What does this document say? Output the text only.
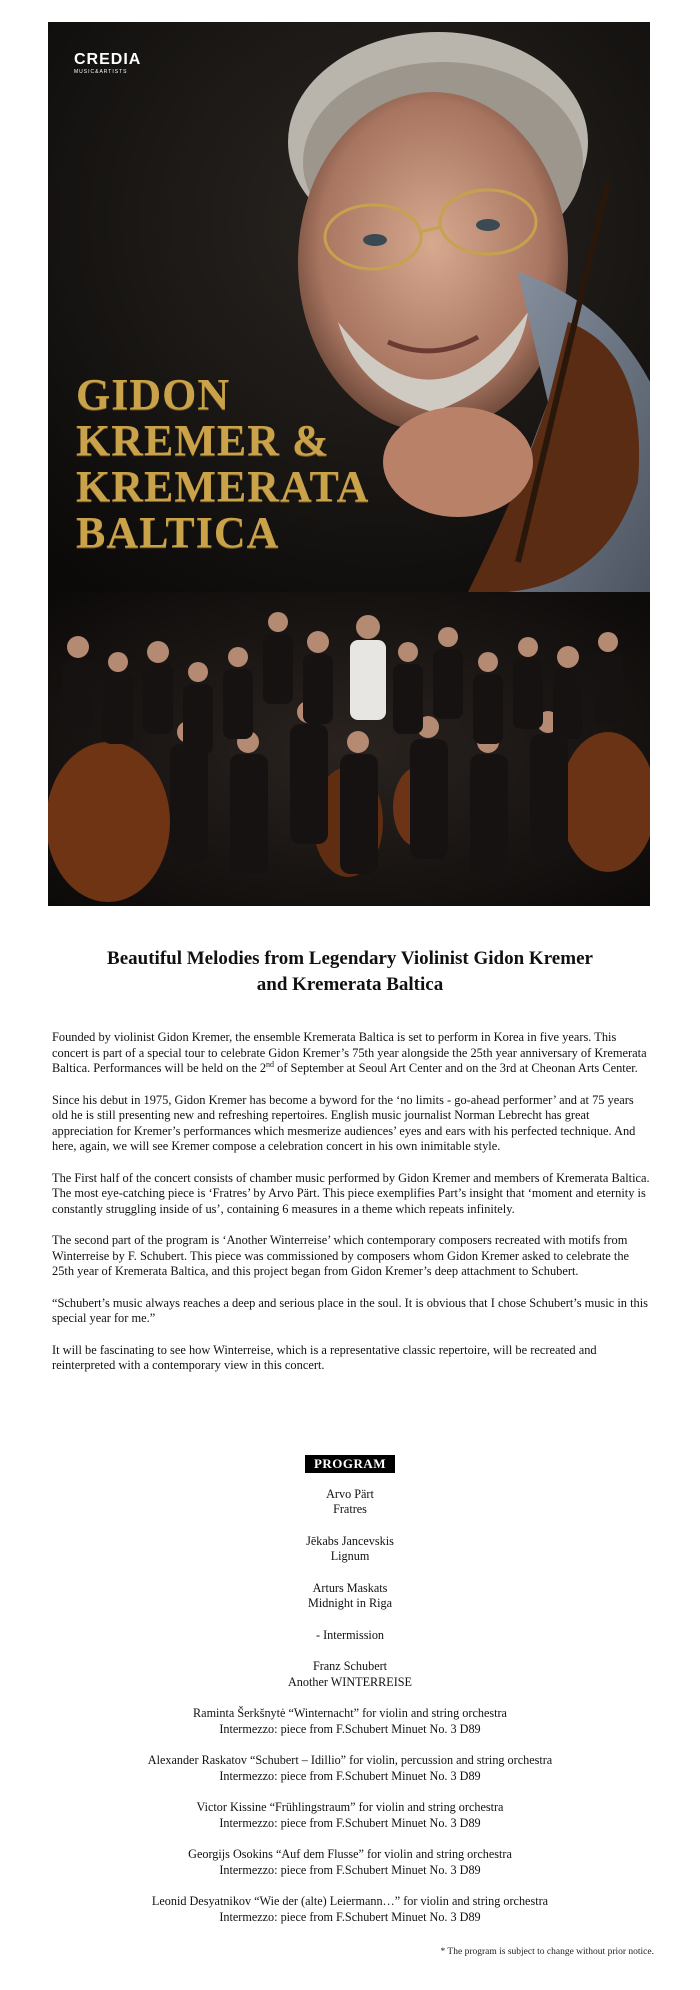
CREDIA
MUSIC&ARTISTS
GIDON
KREMER &
KREMERATA
BALTICA
Beautiful Melodies from Legendary Violinist Gidon Kremer
and Kremerata Baltica

Founded by violinist Gidon Kremer, the ensemble Kremerata Baltica is set to perform in Korea in five years. This concert is part of a special tour to celebrate Gidon Kremer’s 75th year alongside the 25th year anniversary of Kremerata Baltica. Performances will be held on the 2nd of September at Seoul Art Center and on the 3rd at Cheonan Arts Center.

Since his debut in 1975, Gidon Kremer has become a byword for the ‘no limits - go-ahead performer’ and at 75 years old he is still presenting new and refreshing repertoires. English music journalist Norman Lebrecht has great appreciation for Kremer’s performances which mesmerize audiences’ eyes and ears with his perfected technique. And here, again, we will see Kremer compose a celebration concert in his own inimitable style.

The First half of the concert consists of chamber music performed by Gidon Kremer and members of Kremerata Baltica. The most eye-catching piece is ‘Fratres’ by Arvo Pärt. This piece exemplifies Part’s insight that ‘moment and eternity is constantly struggling inside of us’, containing 6 measures in a theme which repeats infinitely.

The second part of the program is ‘Another Winterreise’ which contemporary composers recreated with motifs from Winterreise by F. Schubert. This piece was commissioned by composers whom Gidon Kremer asked to celebrate the 25th year of Kremerata Baltica, and this project began from Gidon Kremer’s deep attachment to Schubert.

“Schubert’s music always reaches a deep and serious place in the soul. It is obvious that I chose Schubert’s music in this special year for me.”

It will be fascinating to see how Winterreise, which is a representative classic repertoire, will be recreated and reinterpreted with a contemporary view in this concert.

PROGRAM
Arvo Pärt
Fratres
Jēkabs Jancevskis
Lignum
Arturs Maskats
Midnight in Riga
- Intermission
Franz Schubert
Another WINTERREISE
Raminta Šerkšnytė “Winternacht” for violin and string orchestra
Intermezzo: piece from F.Schubert Minuet No. 3 D89
Alexander Raskatov “Schubert – Idillio” for violin, percussion and string orchestra
Intermezzo: piece from F.Schubert Minuet No. 3 D89
Victor Kissine “Frühlingstraum” for violin and string orchestra
Intermezzo: piece from F.Schubert Minuet No. 3 D89
Georgijs Osokins “Auf dem Flusse” for violin and string orchestra
Intermezzo: piece from F.Schubert Minuet No. 3 D89
Leonid Desyatnikov “Wie der (alte) Leiermann…” for violin and string orchestra
Intermezzo: piece from F.Schubert Minuet No. 3 D89
* The program is subject to change without prior notice.
